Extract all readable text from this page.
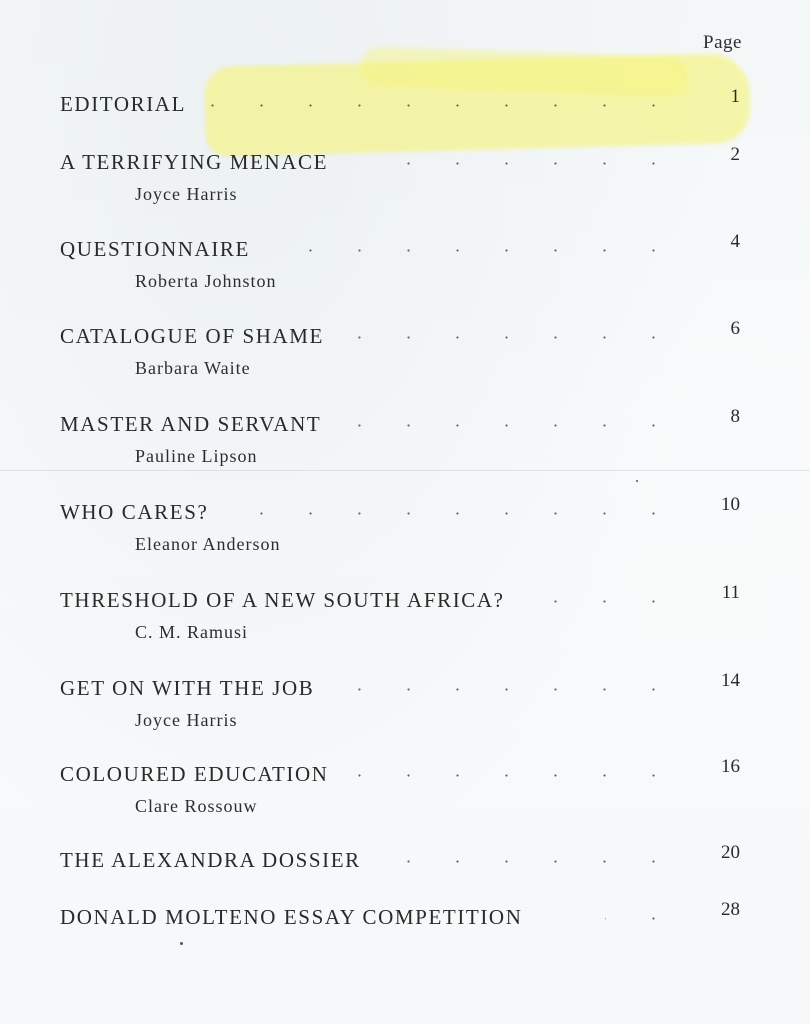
Page
EDITORIAL	1
A TERRIFYING MENACE	2
Joyce Harris
QUESTIONNAIRE	4
Roberta Johnston
CATALOGUE OF SHAME	6
Barbara Waite
MASTER AND SERVANT	8
Pauline Lipson
WHO CARES?	10
Eleanor Anderson
THRESHOLD OF A NEW SOUTH AFRICA?	11
C. M. Ramusi
GET ON WITH THE JOB	14
Joyce Harris
COLOURED EDUCATION	16
Clare Rossouw
THE ALEXANDRA DOSSIER	20
DONALD MOLTENO ESSAY COMPETITION	28
